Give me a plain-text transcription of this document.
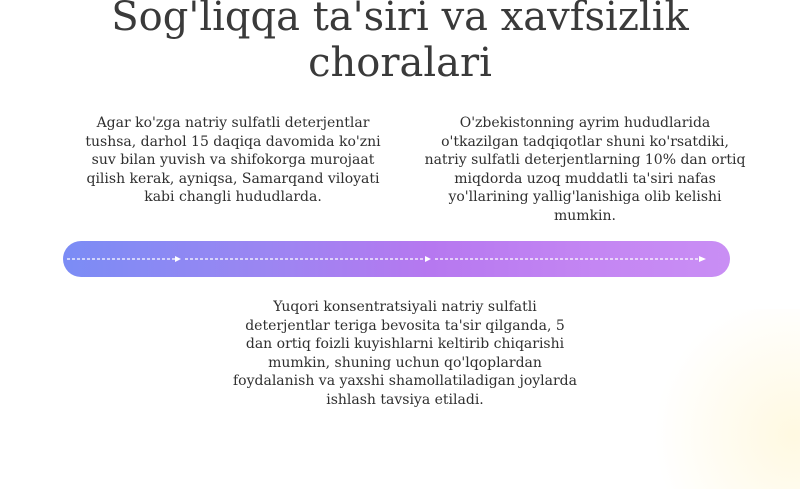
Sog'liqqa ta'siri va xavfsizlik
choralari

Agar ko'zga natriy sulfatli deterjentlar tushsa, darhol 15 daqiqa davomida ko'zni suv bilan yuvish va shifokorga murojaat qilish kerak, ayniqsa, Samarqand viloyati kabi changli hududlarda.

O'zbekistonning ayrim hududlarida o'tkazilgan tadqiqotlar shuni ko'rsatdiki, natriy sulfatli deterjentlarning 10% dan ortiq miqdorda uzoq muddatli ta'siri nafas yo'llarining yallig'lanishiga olib kelishi mumkin.

Yuqori konsentratsiyali natriy sulfatli deterjentlar teriga bevosita ta'sir qilganda, 5 dan ortiq foizli kuyishlarni keltirib chiqarishi mumkin, shuning uchun qo'lqoplardan foydalanish va yaxshi shamollatiladigan joylarda ishlash tavsiya etiladi.
